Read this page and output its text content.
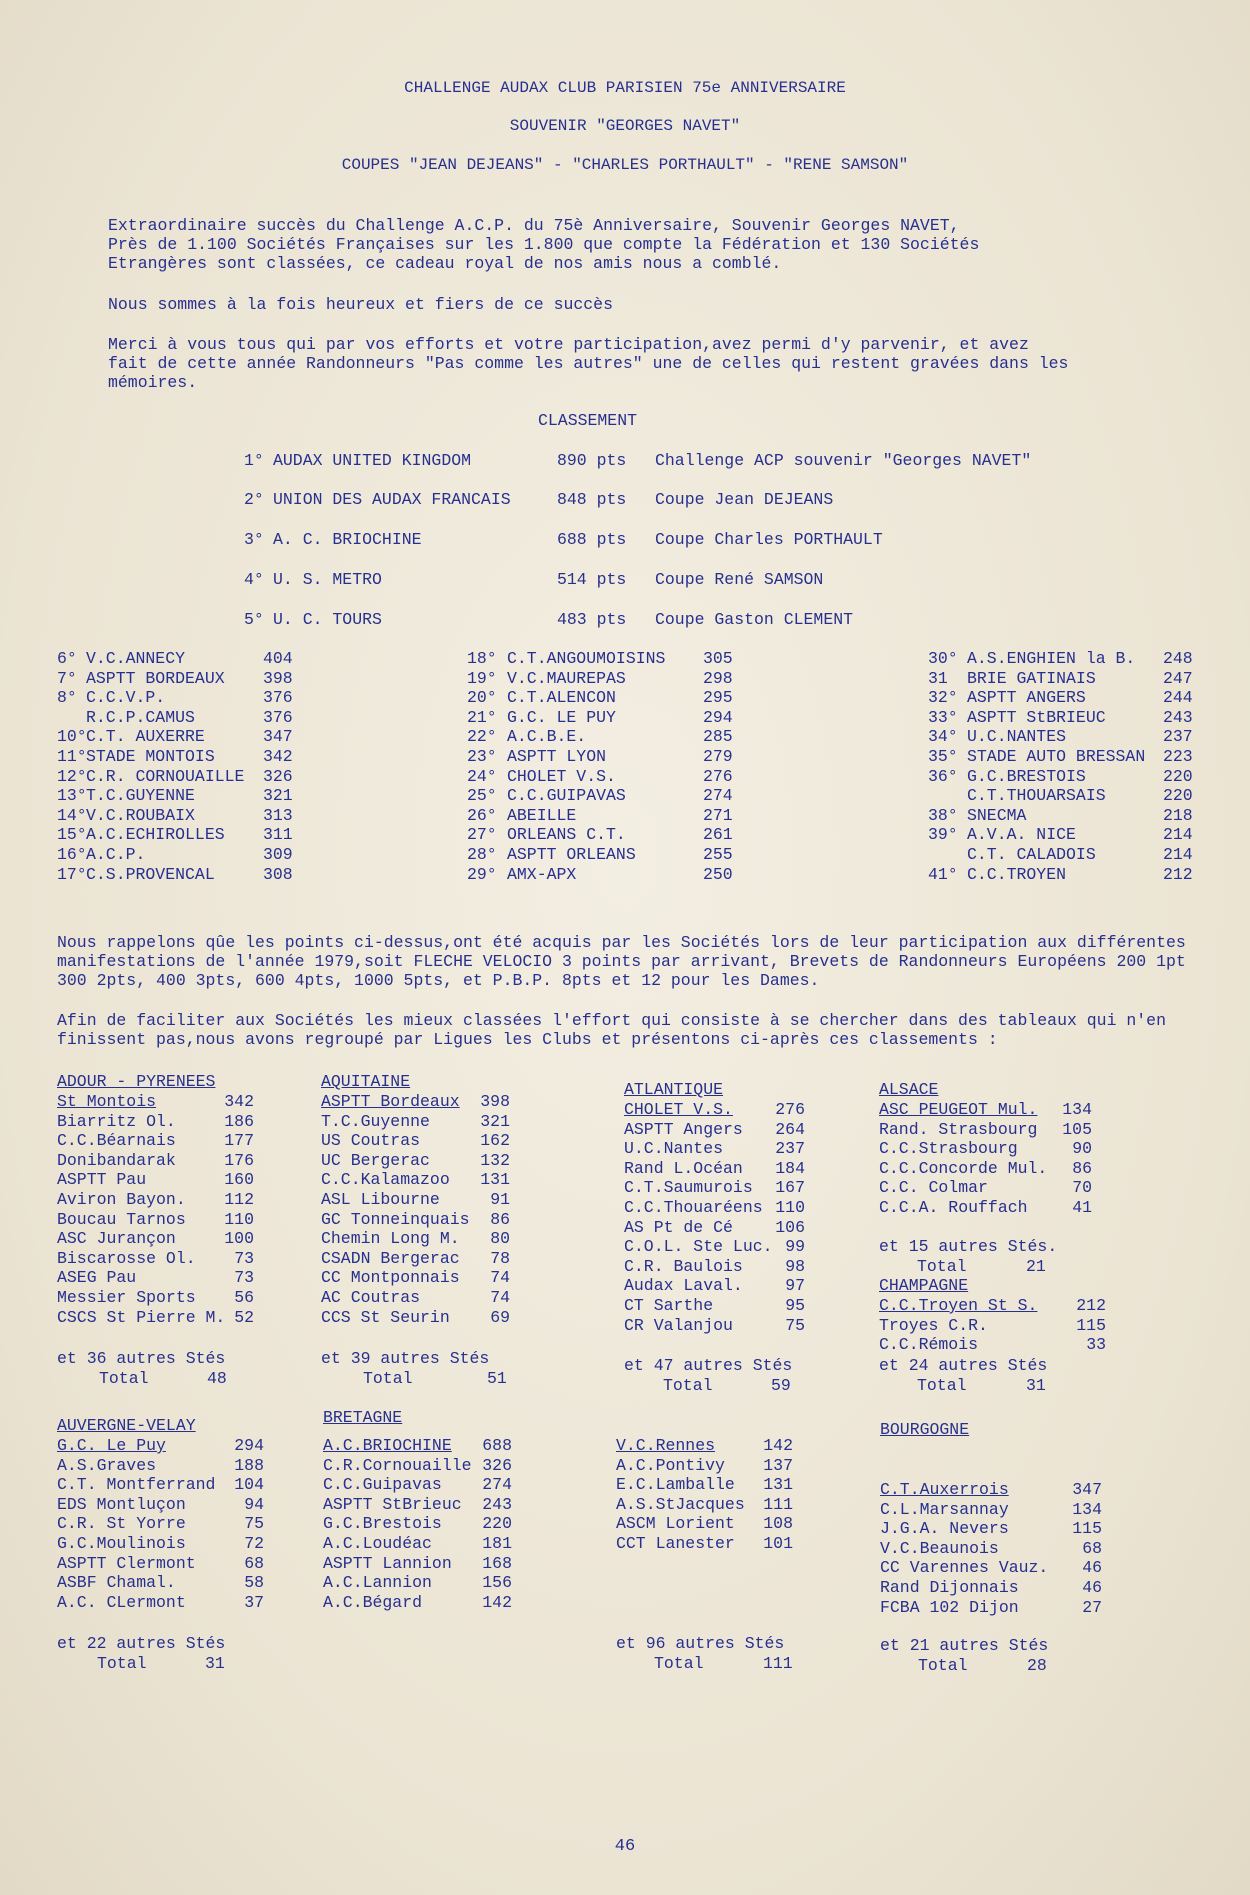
CHALLENGE AUDAX CLUB PARISIEN 75e ANNIVERSAIRE
SOUVENIR "GEORGES NAVET"
COUPES "JEAN DEJEANS" - "CHARLES PORTHAULT" - "RENE SAMSON"
Extraordinaire succès du Challenge A.C.P. du 75è Anniversaire, Souvenir Georges NAVET,
Près de 1.100 Sociétés Françaises sur les 1.800 que compte la Fédération et 130 Sociétés
Etrangères sont classées, ce cadeau royal de nos amis nous a comblé.
Nous sommes à la fois heureux et fiers de ce succès
Merci à vous tous qui par vos efforts et votre participation,avez permi d'y parvenir, et avez
fait de cette année Randonneurs "Pas comme les autres" une de celles qui restent gravées dans les
mémoires.
CLASSEMENT
1° AUDAX UNITED KINGDOM	890 pts Challenge ACP souvenir "Georges NAVET"
2° UNION DES AUDAX FRANCAIS	848 pts Coupe Jean DEJEANS
3° A. C. BRIOCHINE	688 pts Coupe Charles PORTHAULT
4° U. S. METRO	514 pts Coupe René SAMSON
5° U. C. TOURS	483 pts Coupe Gaston CLEMENT
6° V.C.ANNECY	404
7° ASPTT BORDEAUX 398
8° C.C.V.P.	376
R.C.P.CAMUS	376
10° C.T. AUXERRE	347
11° STADE MONTOIS	342
12° C.R. CORNOUAILLE 326
13° T.C.GUYENNE	321
14° V.C.ROUBAIX	313
15° A.C.ECHIROLLES 311
16° A.C.P.	309
17° C.S.PROVENCAL	308
18° C.T.ANGOUMOISINS 305
19° V.C.MAUREPAS	298
20° C.T.ALENCON	295
21° G.C. LE PUY	294
22° A.C.B.E.	285
23° ASPTT LYON	279
24° CHOLET V.S.	276
25° C.C.GUIPAVAS	274
26° ABEILLE	271
27° ORLEANS C.T.	261
28° ASPTT ORLEANS	255
29° AMX-APX	250
30° A.S.ENGHIEN la B. 248
31 BRIE GATINAIS	247
32° ASPTT ANGERS	244
33° ASPTT StBRIEUC	243
34° U.C.NANTES	237
35° STADE AUTO BRESSAN 223
36° G.C.BRESTOIS	220
C.T.THOUARSAIS	220
38° SNECMA	218
39° A.V.A. NICE	214
C.T. CALADOIS	214
41° C.C.TROYEN	212
Nous rappelons qûe les points ci-dessus,ont été acquis par les Sociétés lors de leur participation aux différentes
manifestations de l'année 1979,soit FLECHE VELOCIO 3 points par arrivant, Brevets de Randonneurs Européens 200 1pt
300 2pts, 400 3pts, 600 4pts, 1000 5pts, et P.B.P. 8pts et 12 pour les Dames.
Afin de faciliter aux Sociétés les mieux classées l'effort qui consiste à se chercher dans des tableaux qui n'en
finissent pas,nous avons regroupé par Ligues les Clubs et présentons ci-après ces classements :
ADOUR - PYRENEES
St Montois	342
Biarritz Ol.	186
C.C.Béarnais	177
Donibandarak	176
ASPTT Pau	160
Aviron Bayon. 112
Boucau Tarnos 110
ASC Jurançon	100
Biscarosse Ol. 73
ASEG Pau	73
Messier Sports 56
CSCS St Pierre M. 52
et 36 autres Stés
Total	48
AQUITAINE
ASPTT Bordeaux 398
T.C.Guyenne	321
US Coutras	162
UC Bergerac	132
C.C.Kalamazoo 131
ASL Libourne	91
GC Tonneinquais 86
Chemin Long M. 80
CSADN Bergerac 78
CC Montponnais 74
AC Coutras	74
CCS St Seurin 69
et 39 autres Stés
Total	51
ATLANTIQUE
CHOLET V.S.	276
ASPTT Angers 264
U.C.Nantes	237
Rand L.Océan 184
C.T.Saumurois 167
C.C.Thouaréens 110
AS Pt de Cé	106
C.O.L. Ste Luc. 99
C.R. Baulois	98
Audax Laval.	97
CT Sarthe	95
CR Valanjou	75
et 47 autres Stés
Total	59
ALSACE
ASC PEUGEOT Mul. 134
Rand. Strasbourg 105
C.C.Strasbourg	90
C.C.Concorde Mul. 86
C.C. Colmar	70
C.C.A. Rouffach	41
et 15 autres Stés.
Total	21
CHAMPAGNE
C.C.Troyen St S. 212
Troyes C.R.	115
C.C.Rémois	33
et 24 autres Stés
Total	31
AUVERGNE-VELAY
G.C. Le Puy	294
A.S.Graves	188
C.T. Montferrand 104
EDS Montluçon	94
C.R. St Yorre	75
G.C.Moulinois	72
ASPTT Clermont	68
ASBF Chamal.	58
A.C. CLermont	37
et 22 autres Stés
Total	31
BRETAGNE
A.C.BRIOCHINE 688
C.R.Cornouaille 326
C.C.Guipavas 274
ASPTT StBrieuc 243
G.C.Brestois 220
A.C.Loudéac	181
ASPTT Lannion 168
A.C.Lannion	156
A.C.Bégard	142
V.C.Rennes	142
A.C.Pontivy 137
E.C.Lamballe 131
A.S.StJacques 111
ASCM Lorient 108
CCT Lanester 101
et 96 autres Stés
Total	111
BOURGOGNE
C.T.Auxerrois	347
C.L.Marsannay	134
J.G.A. Nevers	115
V.C.Beaunois	68
CC Varennes Vauz. 46
Rand Dijonnais	46
FCBA 102 Dijon	27
et 21 autres Stés
Total	28
46
